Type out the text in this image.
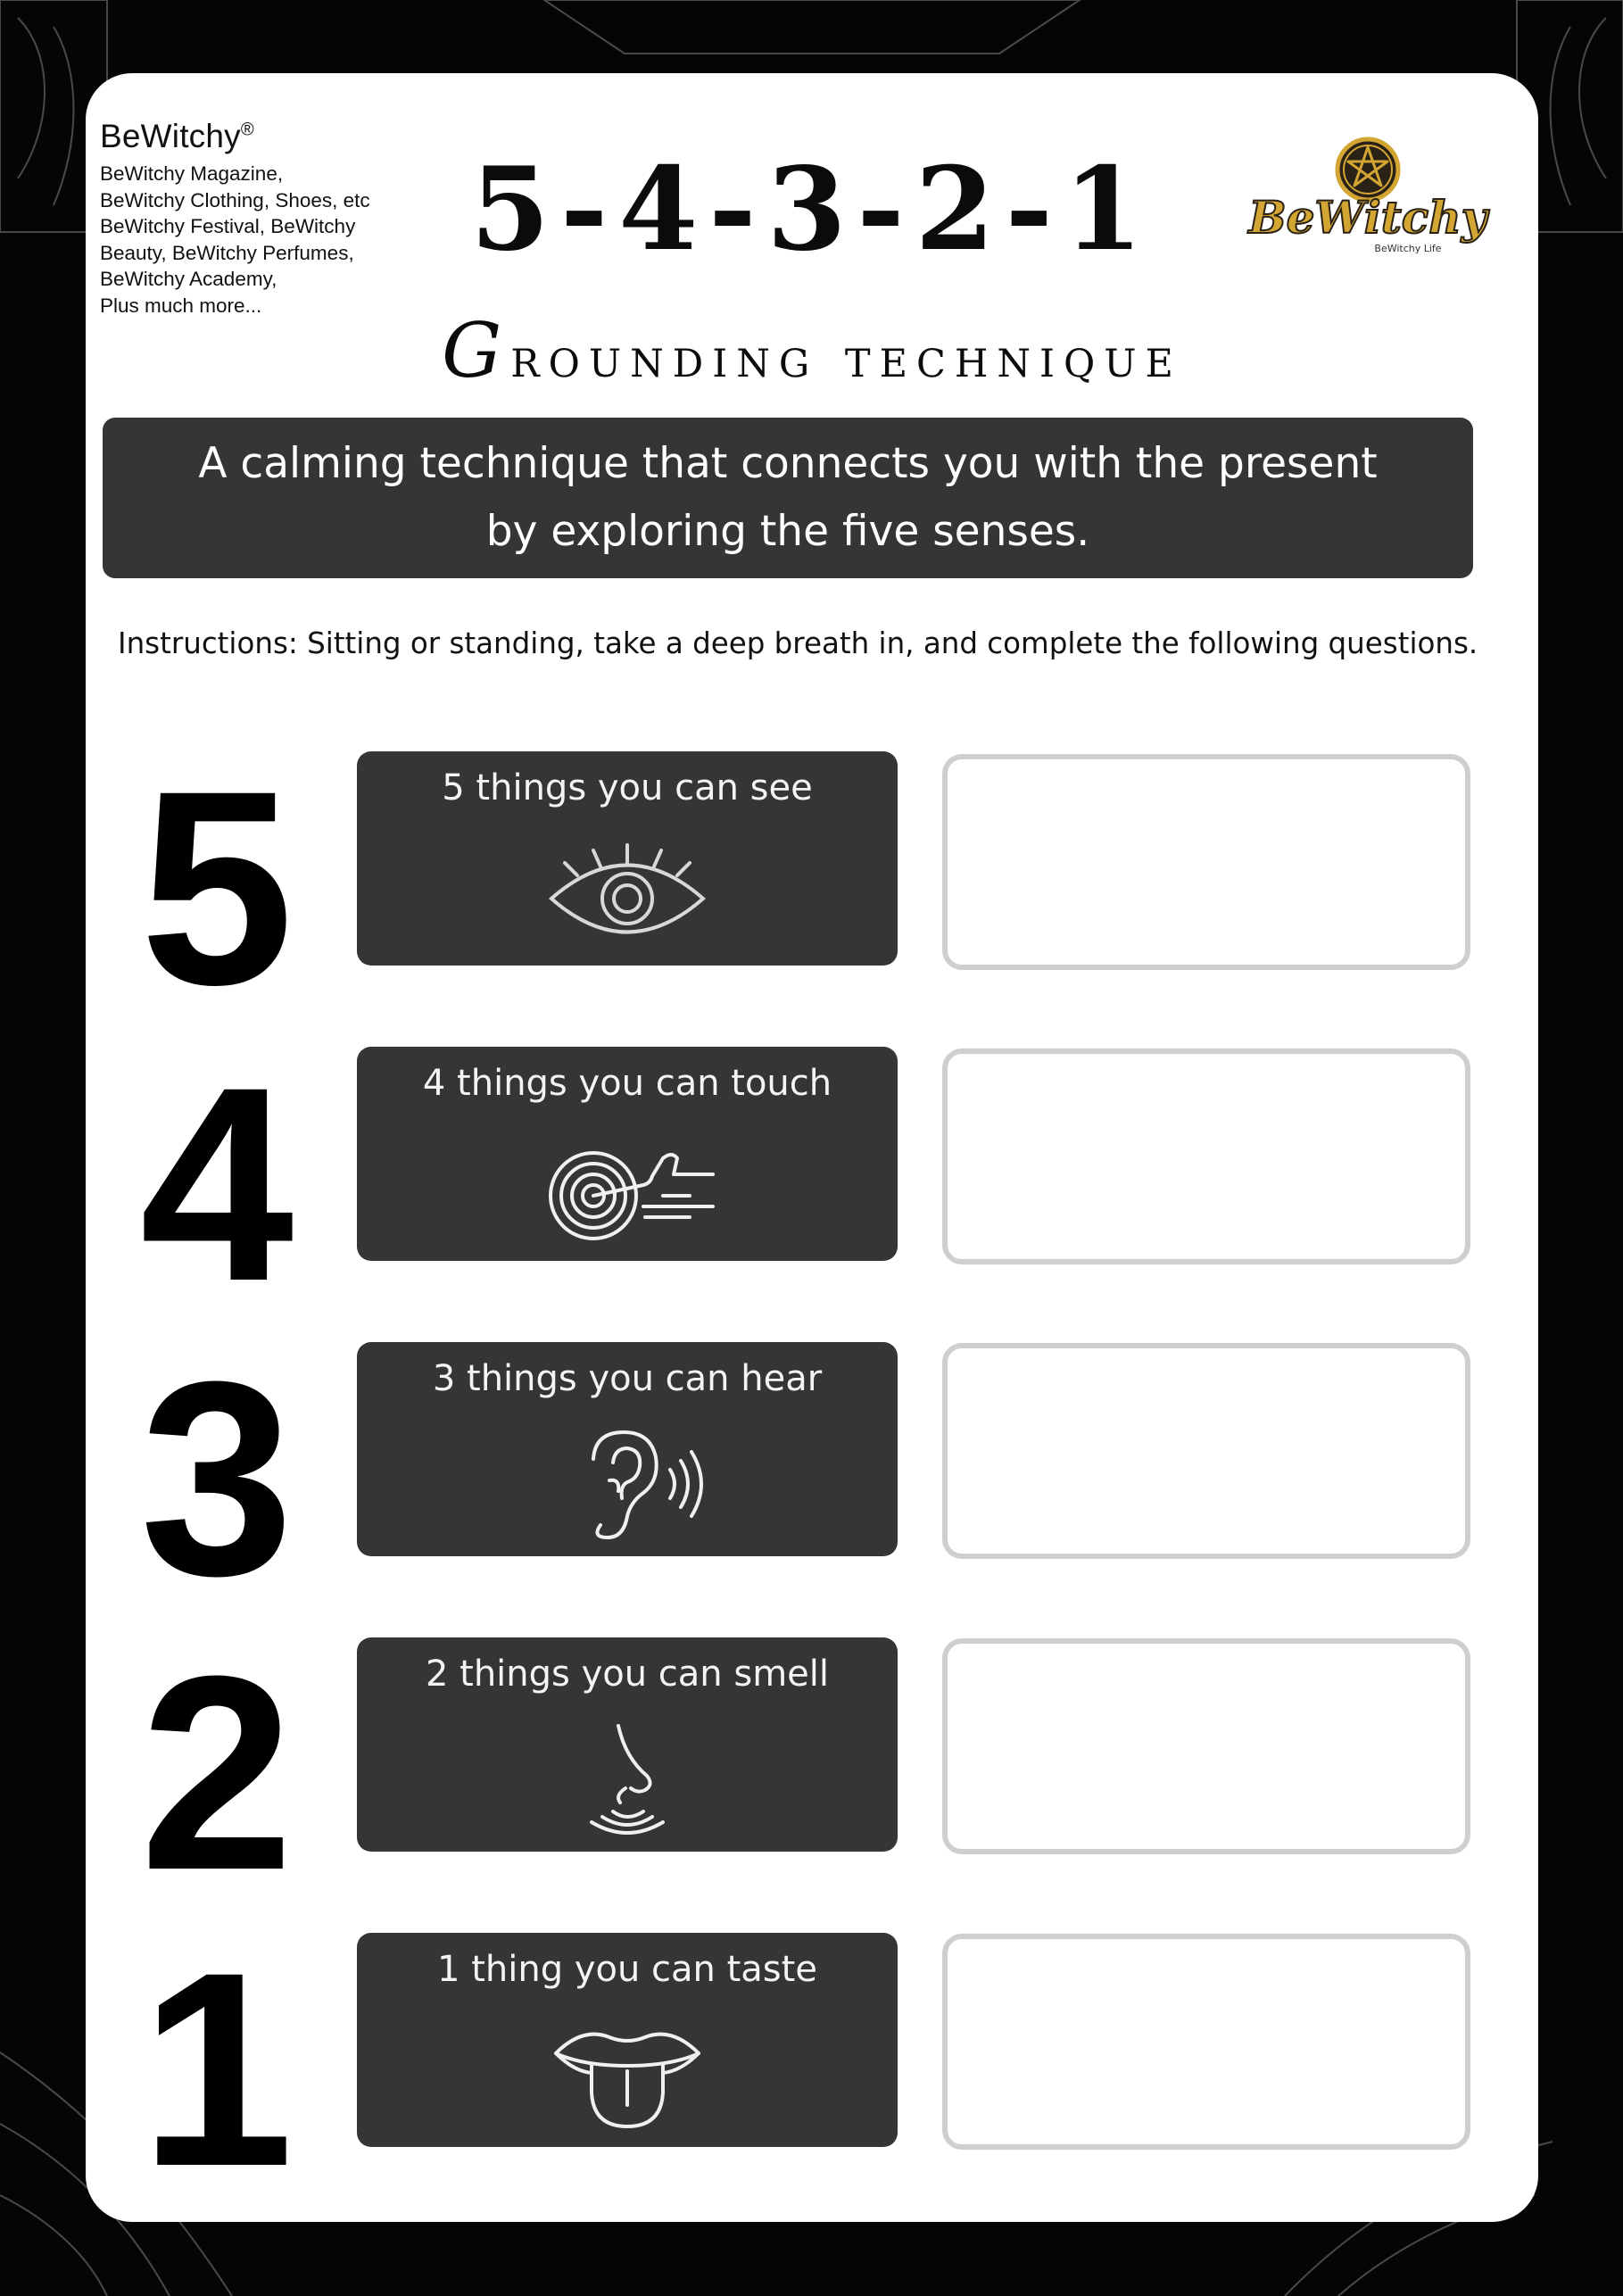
BeWitchy®
BeWitchy Magazine,
BeWitchy Clothing, Shoes, etc
BeWitchy Festival, BeWitchy
Beauty, BeWitchy Perfumes,
BeWitchy Academy,
Plus much more...
5-4-3-2-1
Grounding technique
BeWitchy
BeWitchy Life
A calming technique that connects you with the present
by exploring the five senses.
Instructions: Sitting or standing, take a deep breath in, and complete the following questions.
5	5 things you can see
4	4 things you can touch
3	3 things you can hear
2	2 things you can smell
1	1 thing you can taste
